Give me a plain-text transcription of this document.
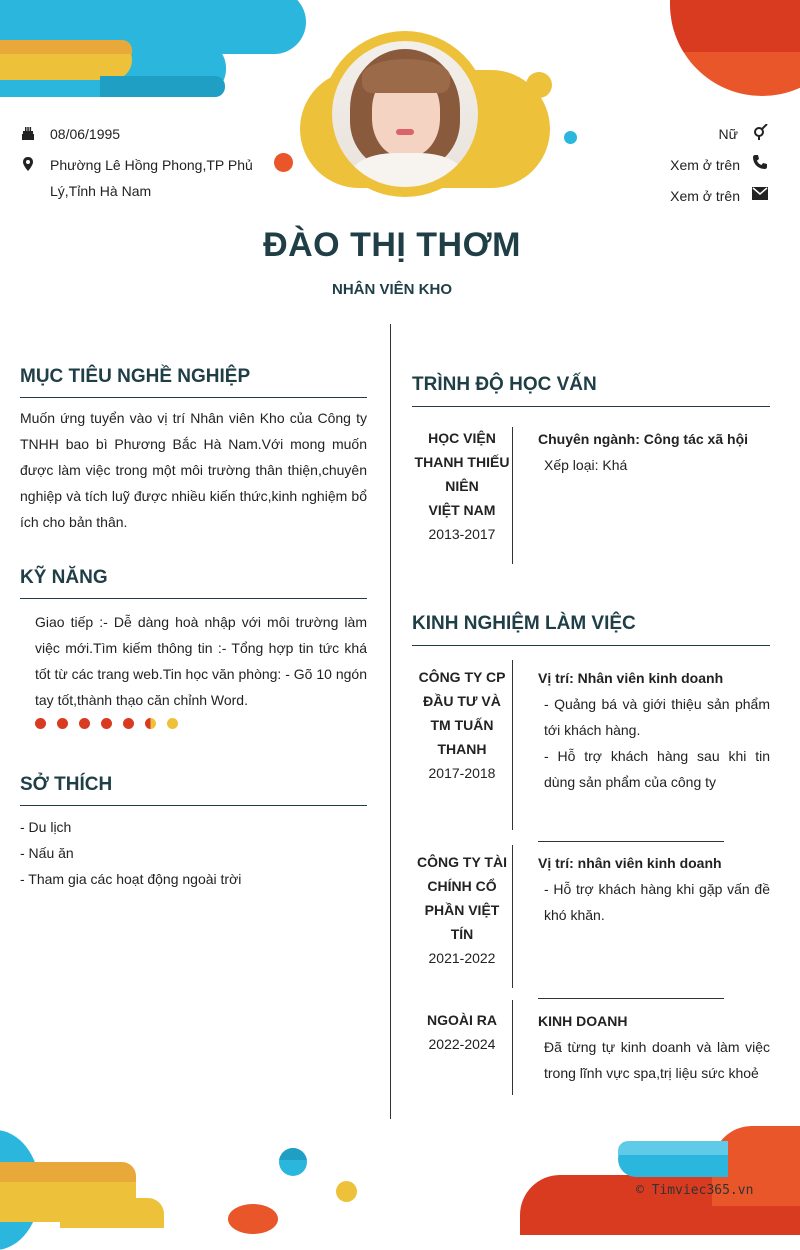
08/06/1995
Phường Lê Hồng Phong,TP Phủ
Lý,Tỉnh Hà Nam
Nữ
Xem ở trên
Xem ở trên
ĐÀO THỊ THƠM
NHÂN VIÊN KHO
MỤC TIÊU NGHỀ NGHIỆP
Muốn ứng tuyển vào vị trí Nhân viên Kho của Công ty TNHH bao bì Phương Bắc Hà Nam.Với mong muốn được làm việc trong một môi trường thân thiện,chuyên nghiệp và tích luỹ được nhiều kiến thức,kinh nghiệm bổ ích cho bản thân.
KỸ NĂNG
Giao tiếp :- Dễ dàng hoà nhập với môi trường làm việc mới.Tìm kiếm thông tin :- Tổng hợp tin tức khá tốt từ các trang web.Tin học văn phòng: - Gõ 10 ngón tay tốt,thành thạo căn chỉnh Word.
SỞ THÍCH
- Du lịch
- Nấu ăn
- Tham gia các hoạt động ngoài trời
TRÌNH ĐỘ HỌC VẤN
HỌC VIỆN
THANH THIẾU
NIÊN
VIỆT NAM
2013-2017
Chuyên ngành: Công tác xã hội
Xếp loại: Khá
KINH NGHIỆM LÀM VIỆC
CÔNG TY CP
ĐẦU TƯ VÀ
TM TUẤN
THANH
2017-2018
Vị trí: Nhân viên kinh doanh
- Quảng bá và giới thiệu sản phẩm tới khách hàng.
- Hỗ trợ khách hàng sau khi tin dùng sản phẩm của công ty
CÔNG TY TÀI
CHÍNH CỔ
PHẦN VIỆT
TÍN
2021-2022
Vị trí: nhân viên kinh doanh
- Hỗ trợ khách hàng khi gặp vấn đề khó khăn.
NGOÀI RA
2022-2024
KINH DOANH
Đã từng tự kinh doanh và làm việc trong lĩnh vực spa,trị liệu sức khoẻ
© Timviec365.vn
